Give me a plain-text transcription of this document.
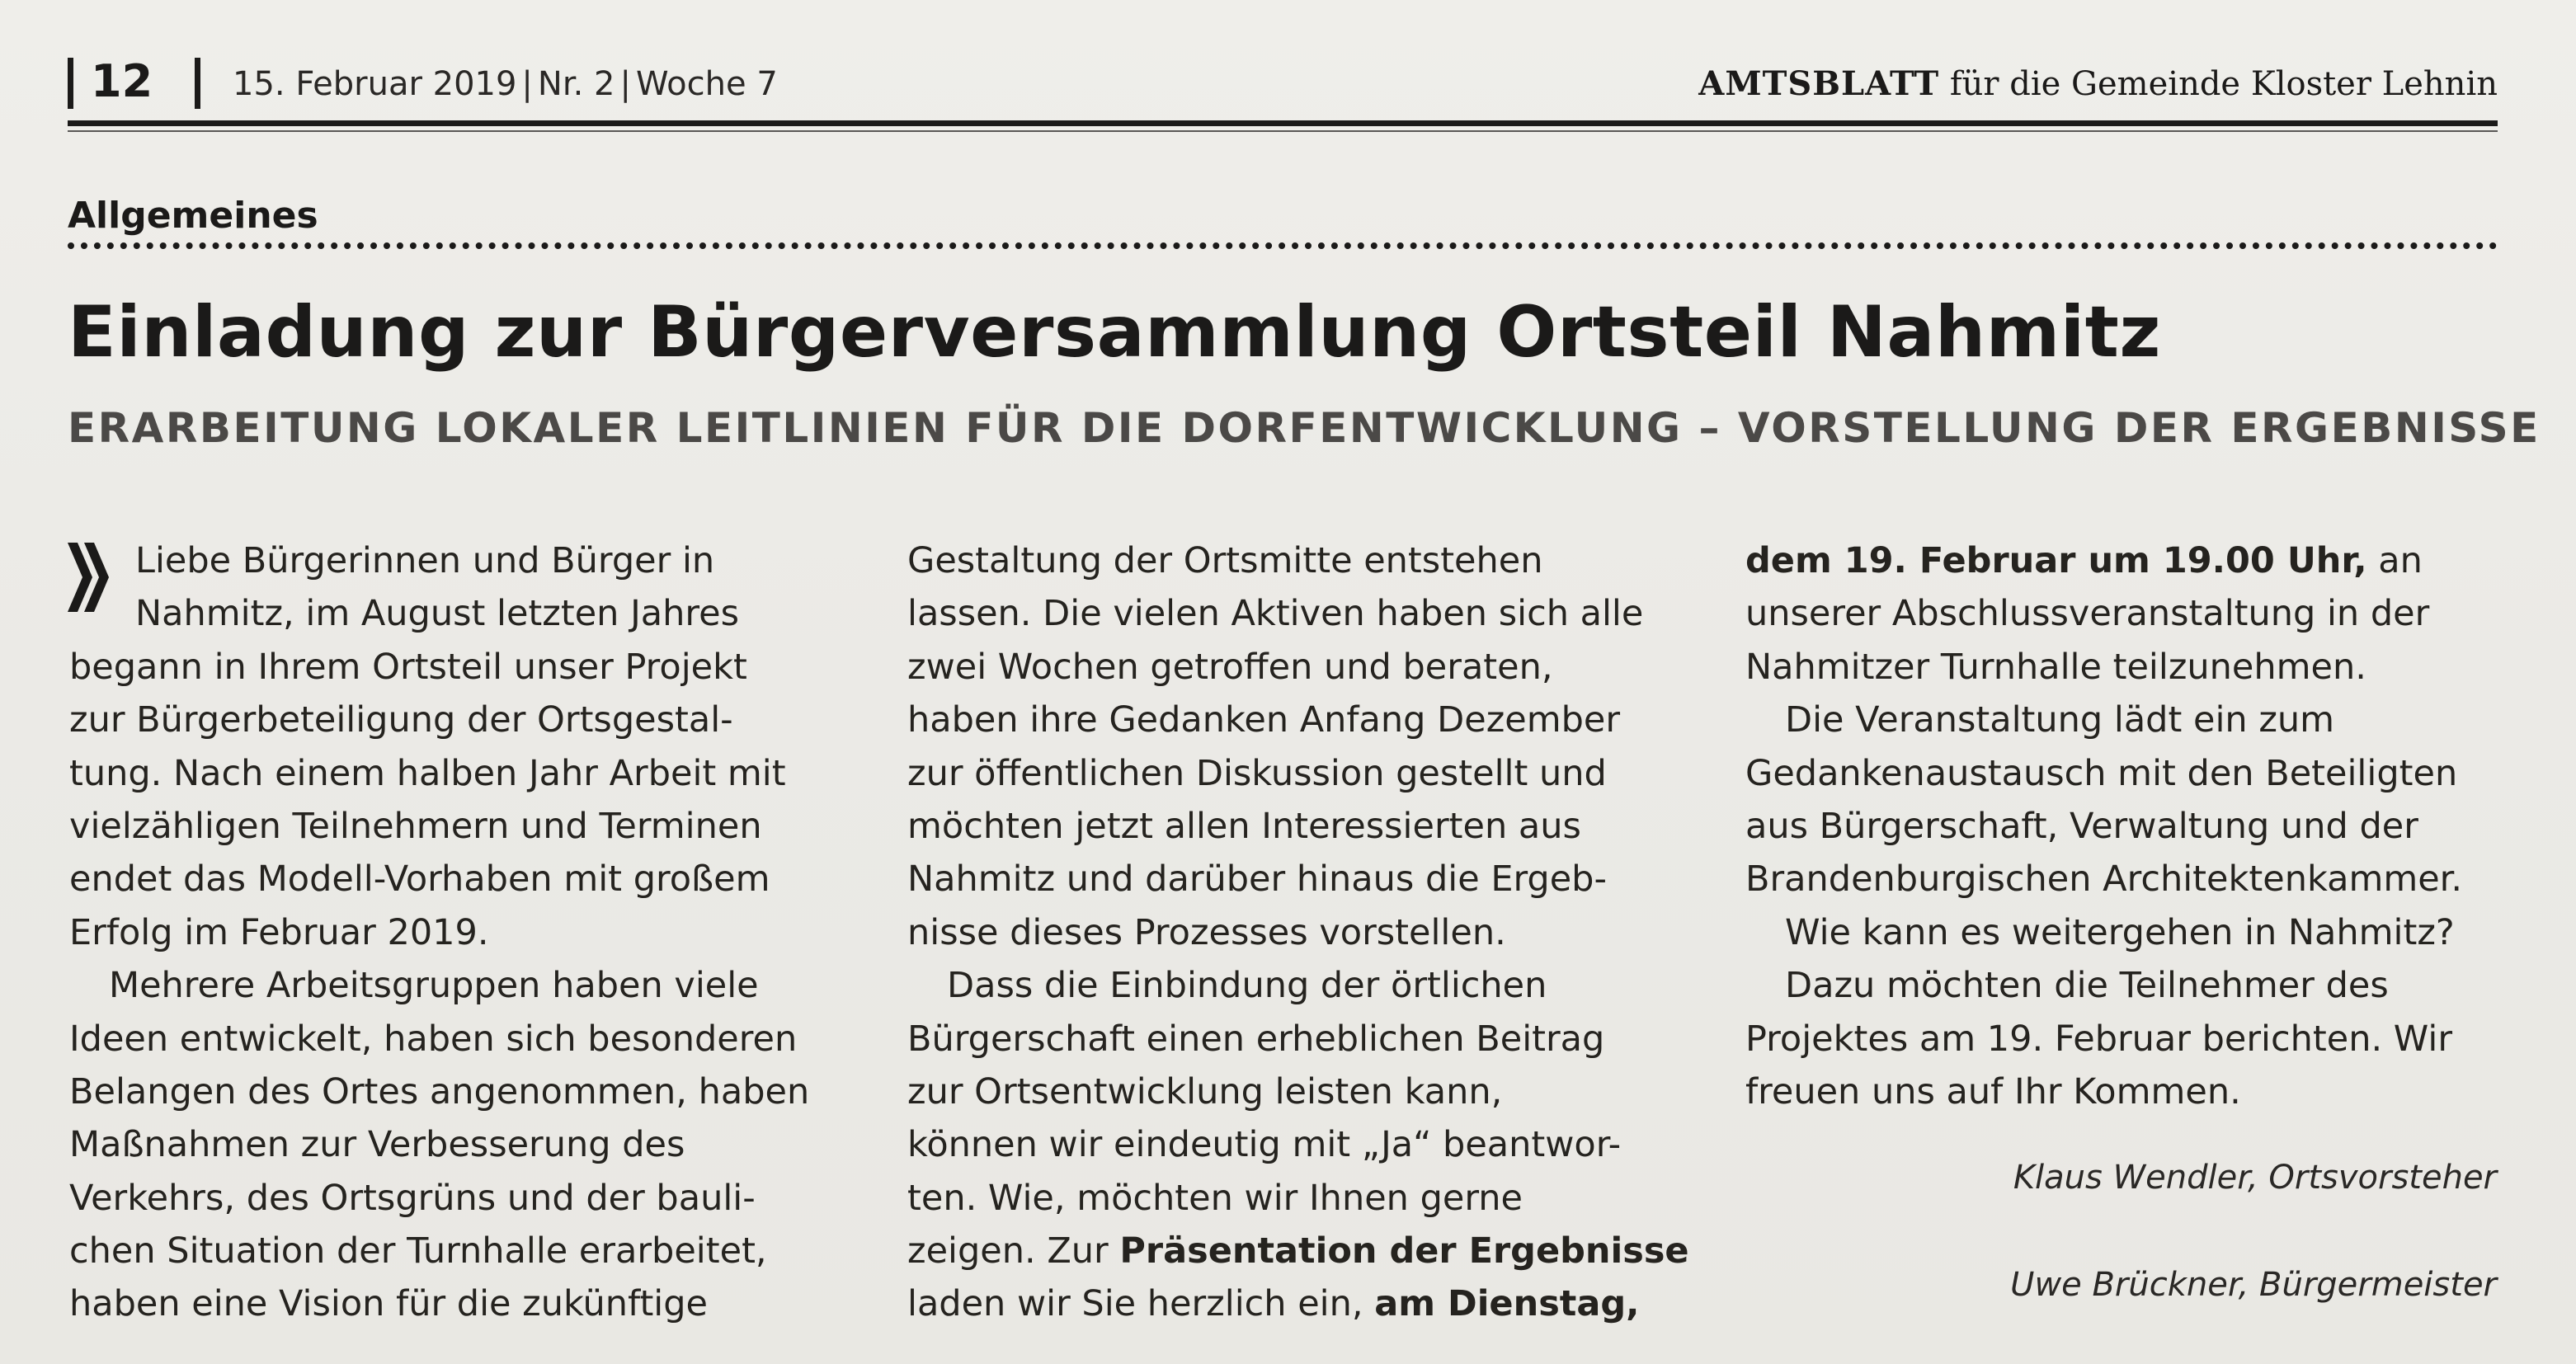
12 15. Februar 2019 | Nr. 2 | Woche 7	AMTSBLATT für die Gemeinde Kloster Lehnin
Allgemeines
Einladung zur Bürgerversammlung Ortsteil Nahmitz
ERARBEITUNG LOKALER LEITLINIEN FÜR DIE DORFENTWICKLUNG – VORSTELLUNG DER ERGEBNISSE
Liebe Bürgerinnen und Bürger in
Nahmitz, im August letzten Jahres
begann in Ihrem Ortsteil unser Projekt
zur Bürgerbeteiligung der Ortsgestal-
tung. Nach einem halben Jahr Arbeit mit
vielzähligen Teilnehmern und Terminen
endet das Modell-Vorhaben mit großem
Erfolg im Februar 2019.
Mehrere Arbeitsgruppen haben viele
Ideen entwickelt, haben sich besonderen
Belangen des Ortes angenommen, haben
Maßnahmen zur Verbesserung des
Verkehrs, des Ortsgrüns und der bauli-
chen Situation der Turnhalle erarbeitet,
haben eine Vision für die zukünftige
Gestaltung der Ortsmitte entstehen
lassen. Die vielen Aktiven haben sich alle
zwei Wochen getroffen und beraten,
haben ihre Gedanken Anfang Dezember
zur öffentlichen Diskussion gestellt und
möchten jetzt allen Interessierten aus
Nahmitz und darüber hinaus die Ergeb-
nisse dieses Prozesses vorstellen.
Dass die Einbindung der örtlichen
Bürgerschaft einen erheblichen Beitrag
zur Ortsentwicklung leisten kann,
können wir eindeutig mit „Ja“ beantwor-
ten. Wie, möchten wir Ihnen gerne
zeigen. Zur Präsentation der Ergebnisse
laden wir Sie herzlich ein, am Dienstag,
dem 19. Februar um 19.00 Uhr, an
unserer Abschlussveranstaltung in der
Nahmitzer Turnhalle teilzunehmen.
Die Veranstaltung lädt ein zum
Gedankenaustausch mit den Beteiligten
aus Bürgerschaft, Verwaltung und der
Brandenburgischen Architektenkammer.
Wie kann es weitergehen in Nahmitz?
Dazu möchten die Teilnehmer des
Projektes am 19. Februar berichten. Wir
freuen uns auf Ihr Kommen.
Klaus Wendler, Ortsvorsteher
Uwe Brückner, Bürgermeister
